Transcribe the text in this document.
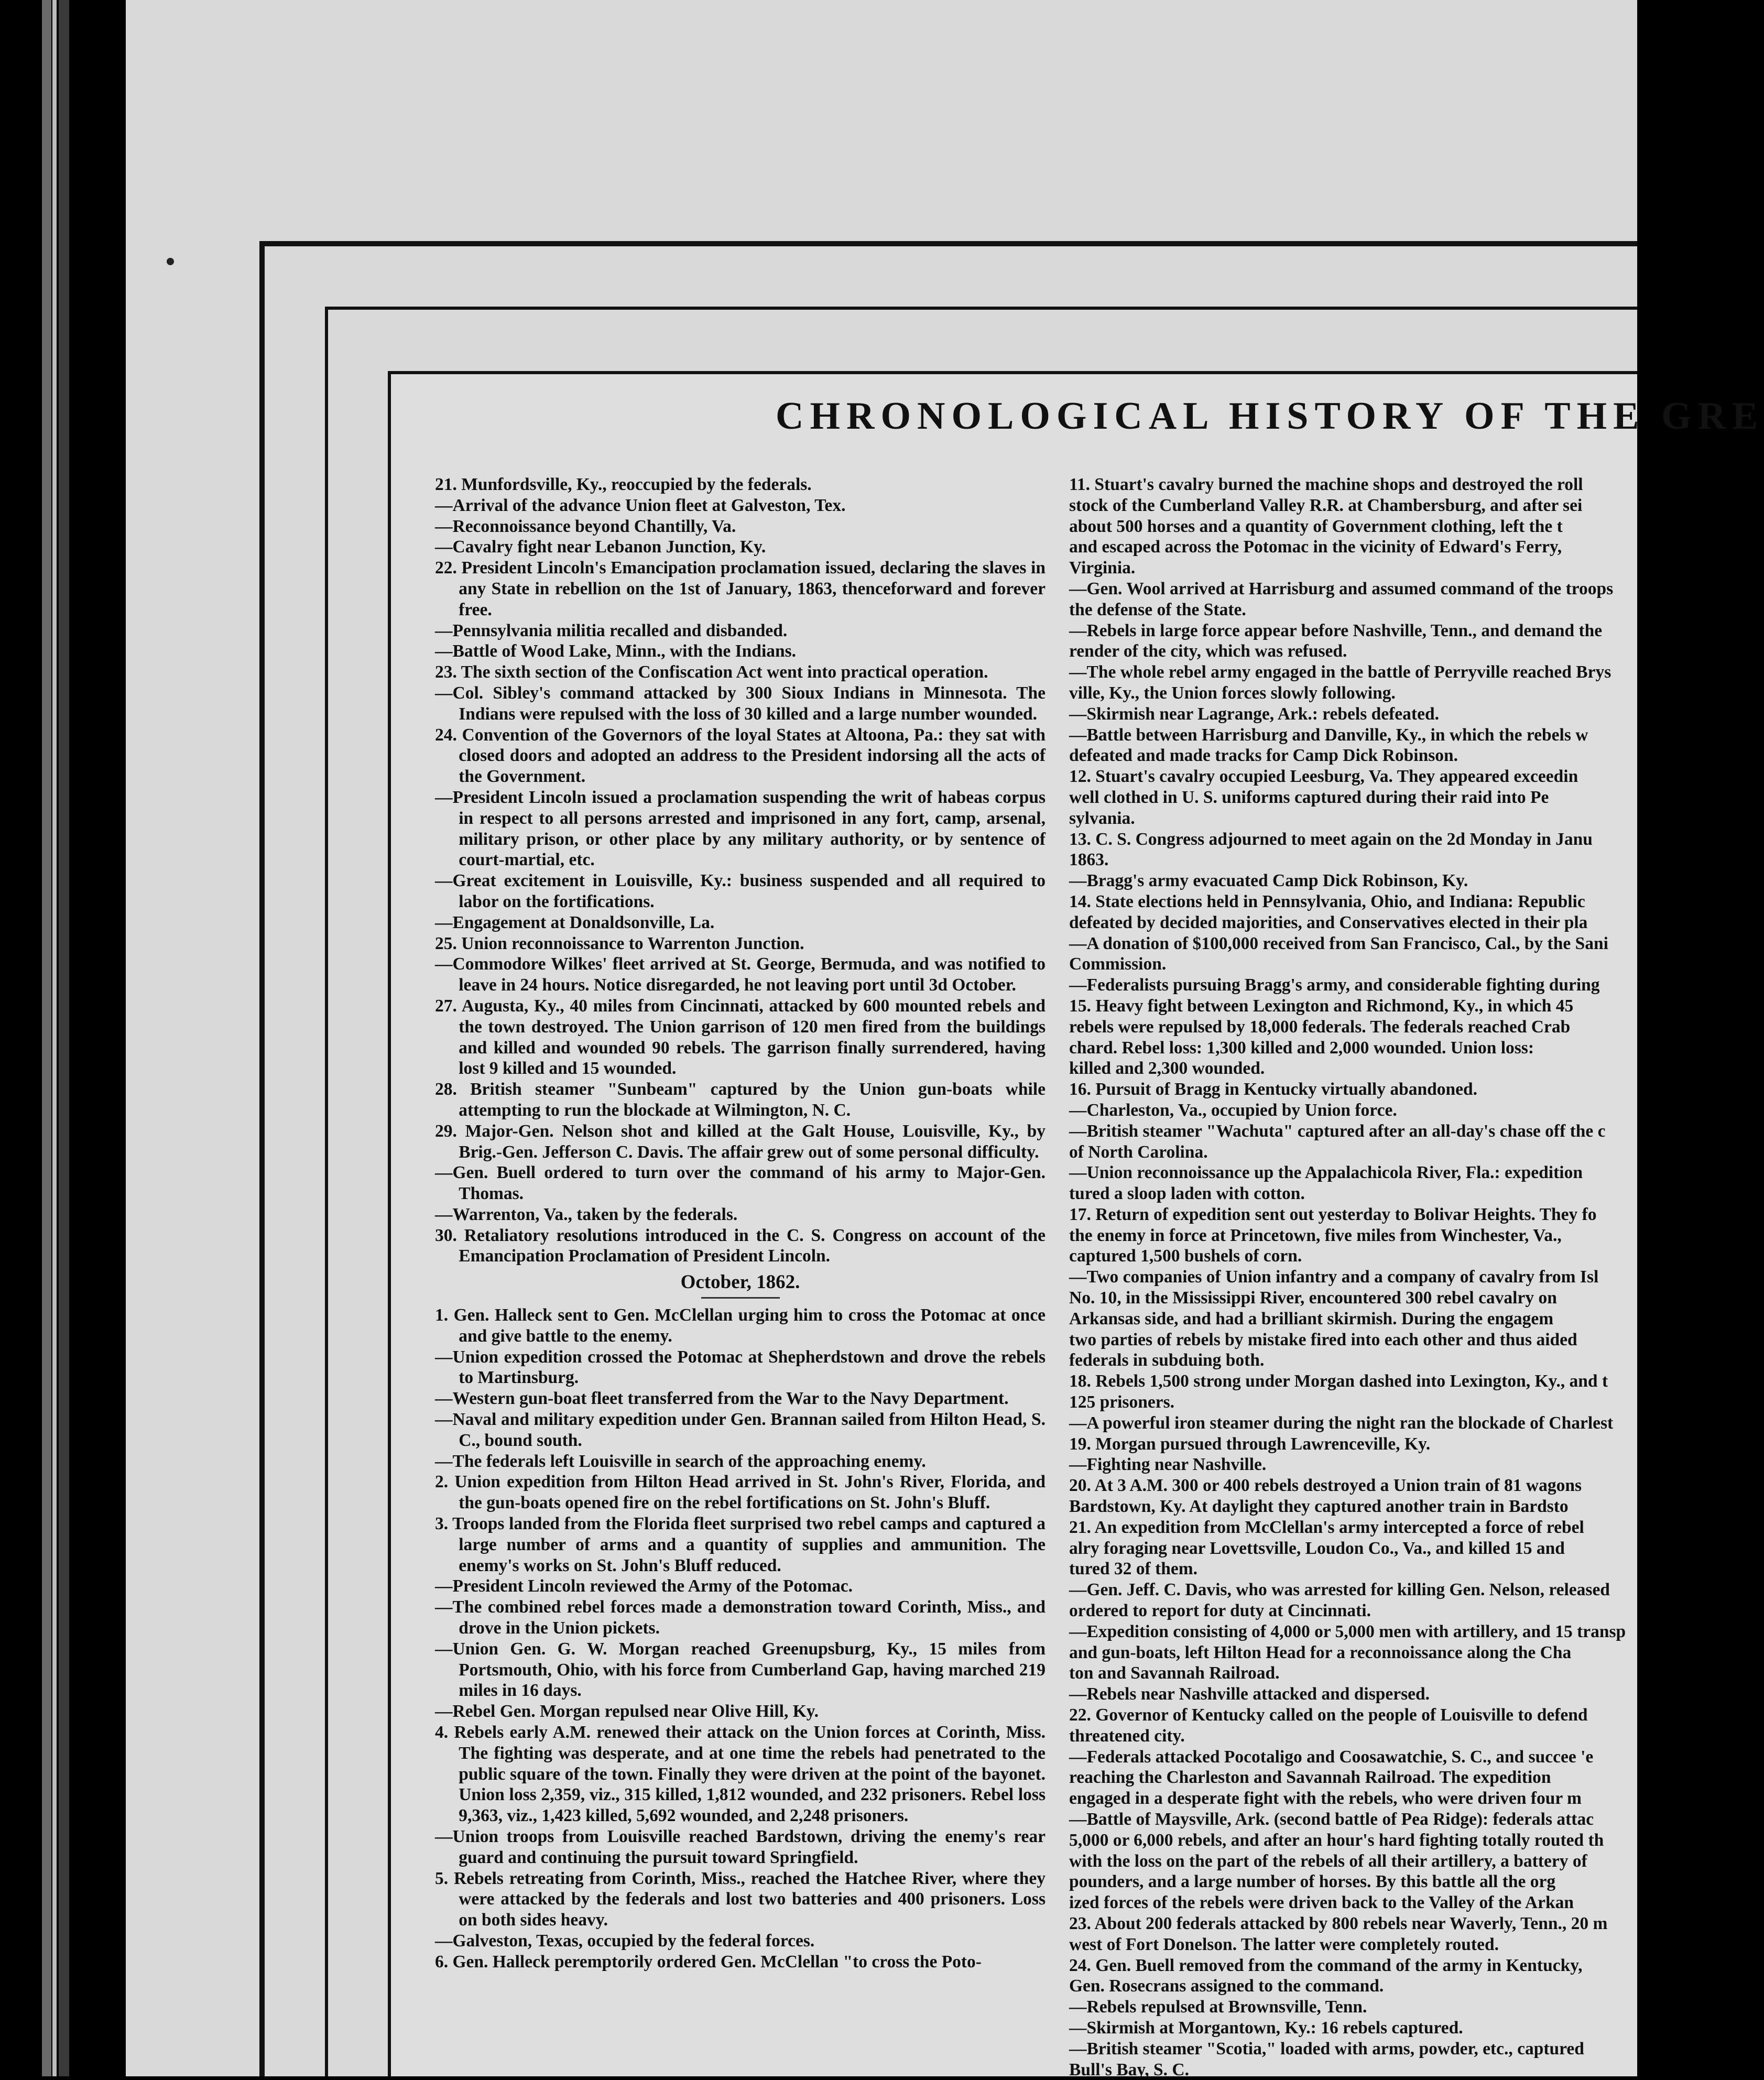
CHRONOLOGICAL HISTORY OF THE GRE

21. Munfordsville, Ky., reoccupied by the federals.

—Arrival of the advance Union fleet at Galveston, Tex.

—Reconnoissance beyond Chantilly, Va.

—Cavalry fight near Lebanon Junction, Ky.

22. President Lincoln's Emancipation proclamation issued, declaring the slaves in any State in rebellion on the 1st of January, 1863, thenceforward and forever free.

—Pennsylvania militia recalled and disbanded.

—Battle of Wood Lake, Minn., with the Indians.

23. The sixth section of the Confiscation Act went into practical operation.

—Col. Sibley's command attacked by 300 Sioux Indians in Minnesota. The Indians were repulsed with the loss of 30 killed and a large number wounded.

24. Convention of the Governors of the loyal States at Altoona, Pa.: they sat with closed doors and adopted an address to the President indorsing all the acts of the Government.

—President Lincoln issued a proclamation suspending the writ of habeas corpus in respect to all persons arrested and imprisoned in any fort, camp, arsenal, military prison, or other place by any military authority, or by sentence of court-martial, etc.

—Great excitement in Louisville, Ky.: business suspended and all required to labor on the fortifications.

—Engagement at Donaldsonville, La.

25. Union reconnoissance to Warrenton Junction.

—Commodore Wilkes' fleet arrived at St. George, Bermuda, and was notified to leave in 24 hours. Notice disregarded, he not leaving port until 3d October.

27. Augusta, Ky., 40 miles from Cincinnati, attacked by 600 mounted rebels and the town destroyed. The Union garrison of 120 men fired from the buildings and killed and wounded 90 rebels. The garrison finally surrendered, having lost 9 killed and 15 wounded.

28. British steamer "Sunbeam" captured by the Union gun-boats while attempting to run the blockade at Wilmington, N. C.

29. Major-Gen. Nelson shot and killed at the Galt House, Louisville, Ky., by Brig.-Gen. Jefferson C. Davis. The affair grew out of some personal difficulty.

—Gen. Buell ordered to turn over the command of his army to Major-Gen. Thomas.

—Warrenton, Va., taken by the federals.

30. Retaliatory resolutions introduced in the C. S. Congress on account of the Emancipation Proclamation of President Lincoln.

October, 1862.

1. Gen. Halleck sent to Gen. McClellan urging him to cross the Potomac at once and give battle to the enemy.

—Union expedition crossed the Potomac at Shepherdstown and drove the rebels to Martinsburg.

—Western gun-boat fleet transferred from the War to the Navy Department.

—Naval and military expedition under Gen. Brannan sailed from Hilton Head, S. C., bound south.

—The federals left Louisville in search of the approaching enemy.

2. Union expedition from Hilton Head arrived in St. John's River, Florida, and the gun-boats opened fire on the rebel fortifications on St. John's Bluff.

3. Troops landed from the Florida fleet surprised two rebel camps and captured a large number of arms and a quantity of supplies and ammunition. The enemy's works on St. John's Bluff reduced.

—President Lincoln reviewed the Army of the Potomac.

—The combined rebel forces made a demonstration toward Corinth, Miss., and drove in the Union pickets.

—Union Gen. G. W. Morgan reached Greenupsburg, Ky., 15 miles from Portsmouth, Ohio, with his force from Cumberland Gap, having marched 219 miles in 16 days.

—Rebel Gen. Morgan repulsed near Olive Hill, Ky.

4. Rebels early A.M. renewed their attack on the Union forces at Corinth, Miss. The fighting was desperate, and at one time the rebels had penetrated to the public square of the town. Finally they were driven at the point of the bayonet. Union loss 2,359, viz., 315 killed, 1,812 wounded, and 232 prisoners. Rebel loss 9,363, viz., 1,423 killed, 5,692 wounded, and 2,248 prisoners.

—Union troops from Louisville reached Bardstown, driving the enemy's rear guard and continuing the pursuit toward Springfield.

5. Rebels retreating from Corinth, Miss., reached the Hatchee River, where they were attacked by the federals and lost two batteries and 400 prisoners. Loss on both sides heavy.

—Galveston, Texas, occupied by the federal forces.

6. Gen. Halleck peremptorily ordered Gen. McClellan "to cross the Poto-

11. Stuart's cavalry burned the machine shops and destroyed the roll

stock of the Cumberland Valley R.R. at Chambersburg, and after sei

about 500 horses and a quantity of Government clothing, left the t

and escaped across the Potomac in the vicinity of Edward's Ferry,

Virginia.

—Gen. Wool arrived at Harrisburg and assumed command of the troops

the defense of the State.

—Rebels in large force appear before Nashville, Tenn., and demand the

render of the city, which was refused.

—The whole rebel army engaged in the battle of Perryville reached Brys

ville, Ky., the Union forces slowly following.

—Skirmish near Lagrange, Ark.: rebels defeated.

—Battle between Harrisburg and Danville, Ky., in which the rebels w

defeated and made tracks for Camp Dick Robinson.

12. Stuart's cavalry occupied Leesburg, Va. They appeared exceedin

well clothed in U. S. uniforms captured during their raid into Pe

sylvania.

13. C. S. Congress adjourned to meet again on the 2d Monday in Janu

1863.

—Bragg's army evacuated Camp Dick Robinson, Ky.

14. State elections held in Pennsylvania, Ohio, and Indiana: Republic

defeated by decided majorities, and Conservatives elected in their pla

—A donation of $100,000 received from San Francisco, Cal., by the Sani

Commission.

—Federalists pursuing Bragg's army, and considerable fighting during

15. Heavy fight between Lexington and Richmond, Ky., in which 45

rebels were repulsed by 18,000 federals. The federals reached Crab

chard. Rebel loss: 1,300 killed and 2,000 wounded. Union loss:

killed and 2,300 wounded.

16. Pursuit of Bragg in Kentucky virtually abandoned.

—Charleston, Va., occupied by Union force.

—British steamer "Wachuta" captured after an all-day's chase off the c

of North Carolina.

—Union reconnoissance up the Appalachicola River, Fla.: expedition

tured a sloop laden with cotton.

17. Return of expedition sent out yesterday to Bolivar Heights. They fo

the enemy in force at Princetown, five miles from Winchester, Va.,

captured 1,500 bushels of corn.

—Two companies of Union infantry and a company of cavalry from Isl

No. 10, in the Mississippi River, encountered 300 rebel cavalry on

Arkansas side, and had a brilliant skirmish. During the engagem

two parties of rebels by mistake fired into each other and thus aided

federals in subduing both.

18. Rebels 1,500 strong under Morgan dashed into Lexington, Ky., and t

125 prisoners.

—A powerful iron steamer during the night ran the blockade of Charlest

19. Morgan pursued through Lawrenceville, Ky.

—Fighting near Nashville.

20. At 3 A.M. 300 or 400 rebels destroyed a Union train of 81 wagons

Bardstown, Ky. At daylight they captured another train in Bardsto

21. An expedition from McClellan's army intercepted a force of rebel

alry foraging near Lovettsville, Loudon Co., Va., and killed 15 and

tured 32 of them.

—Gen. Jeff. C. Davis, who was arrested for killing Gen. Nelson, released

ordered to report for duty at Cincinnati.

—Expedition consisting of 4,000 or 5,000 men with artillery, and 15 transp

and gun-boats, left Hilton Head for a reconnoissance along the Cha

ton and Savannah Railroad.

—Rebels near Nashville attacked and dispersed.

22. Governor of Kentucky called on the people of Louisville to defend

threatened city.

—Federals attacked Pocotaligo and Coosawatchie, S. C., and succee 'e

reaching the Charleston and Savannah Railroad. The expedition

engaged in a desperate fight with the rebels, who were driven four m

—Battle of Maysville, Ark. (second battle of Pea Ridge): federals attac

5,000 or 6,000 rebels, and after an hour's hard fighting totally routed th

with the loss on the part of the rebels of all their artillery, a battery of

pounders, and a large number of horses. By this battle all the org

ized forces of the rebels were driven back to the Valley of the Arkan

23. About 200 federals attacked by 800 rebels near Waverly, Tenn., 20 m

west of Fort Donelson. The latter were completely routed.

24. Gen. Buell removed from the command of the army in Kentucky,

Gen. Rosecrans assigned to the command.

—Rebels repulsed at Brownsville, Tenn.

—Skirmish at Morgantown, Ky.: 16 rebels captured.

—British steamer "Scotia," loaded with arms, powder, etc., captured

Bull's Bay, S. C.
